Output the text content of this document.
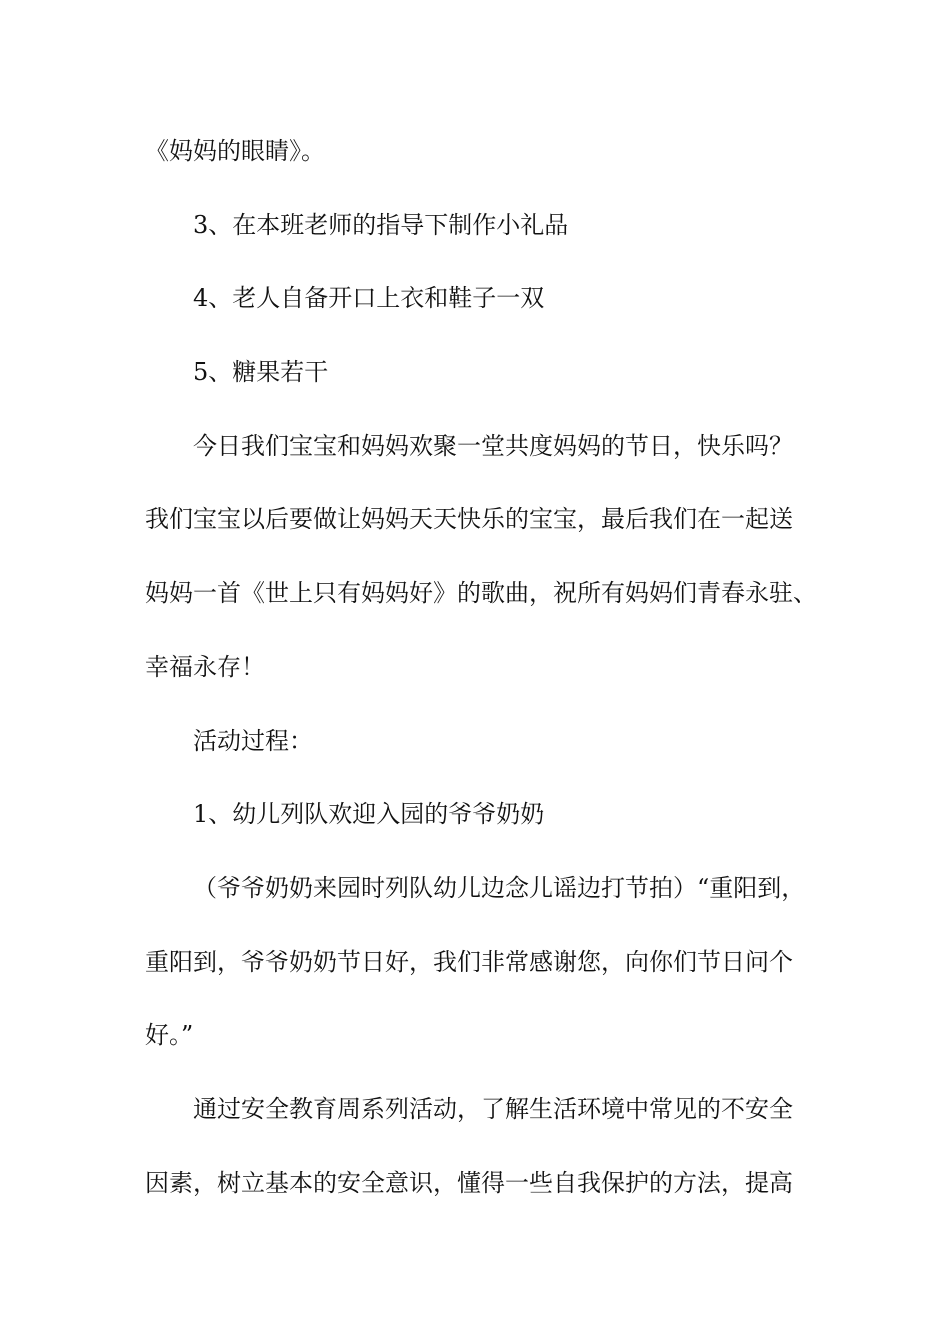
《妈妈的眼睛》。
3、在本班老师的指导下制作小礼品
4、老人自备开口上衣和鞋子一双
5、糖果若干
今日我们宝宝和妈妈欢聚一堂共度妈妈的节日，快乐吗？
我们宝宝以后要做让妈妈天天快乐的宝宝，最后我们在一起送
妈妈一首《世上只有妈妈好》的歌曲，祝所有妈妈们青春永驻、
幸福永存！
活动过程：
1、幼儿列队欢迎入园的爷爷奶奶
（爷爷奶奶来园时列队幼儿边念儿谣边打节拍）“重阳到，
重阳到，爷爷奶奶节日好，我们非常感谢您，向你们节日问个
好。”
通过安全教育周系列活动，了解生活环境中常见的不安全
因素，树立基本的安全意识，懂得一些自我保护的方法，提高
